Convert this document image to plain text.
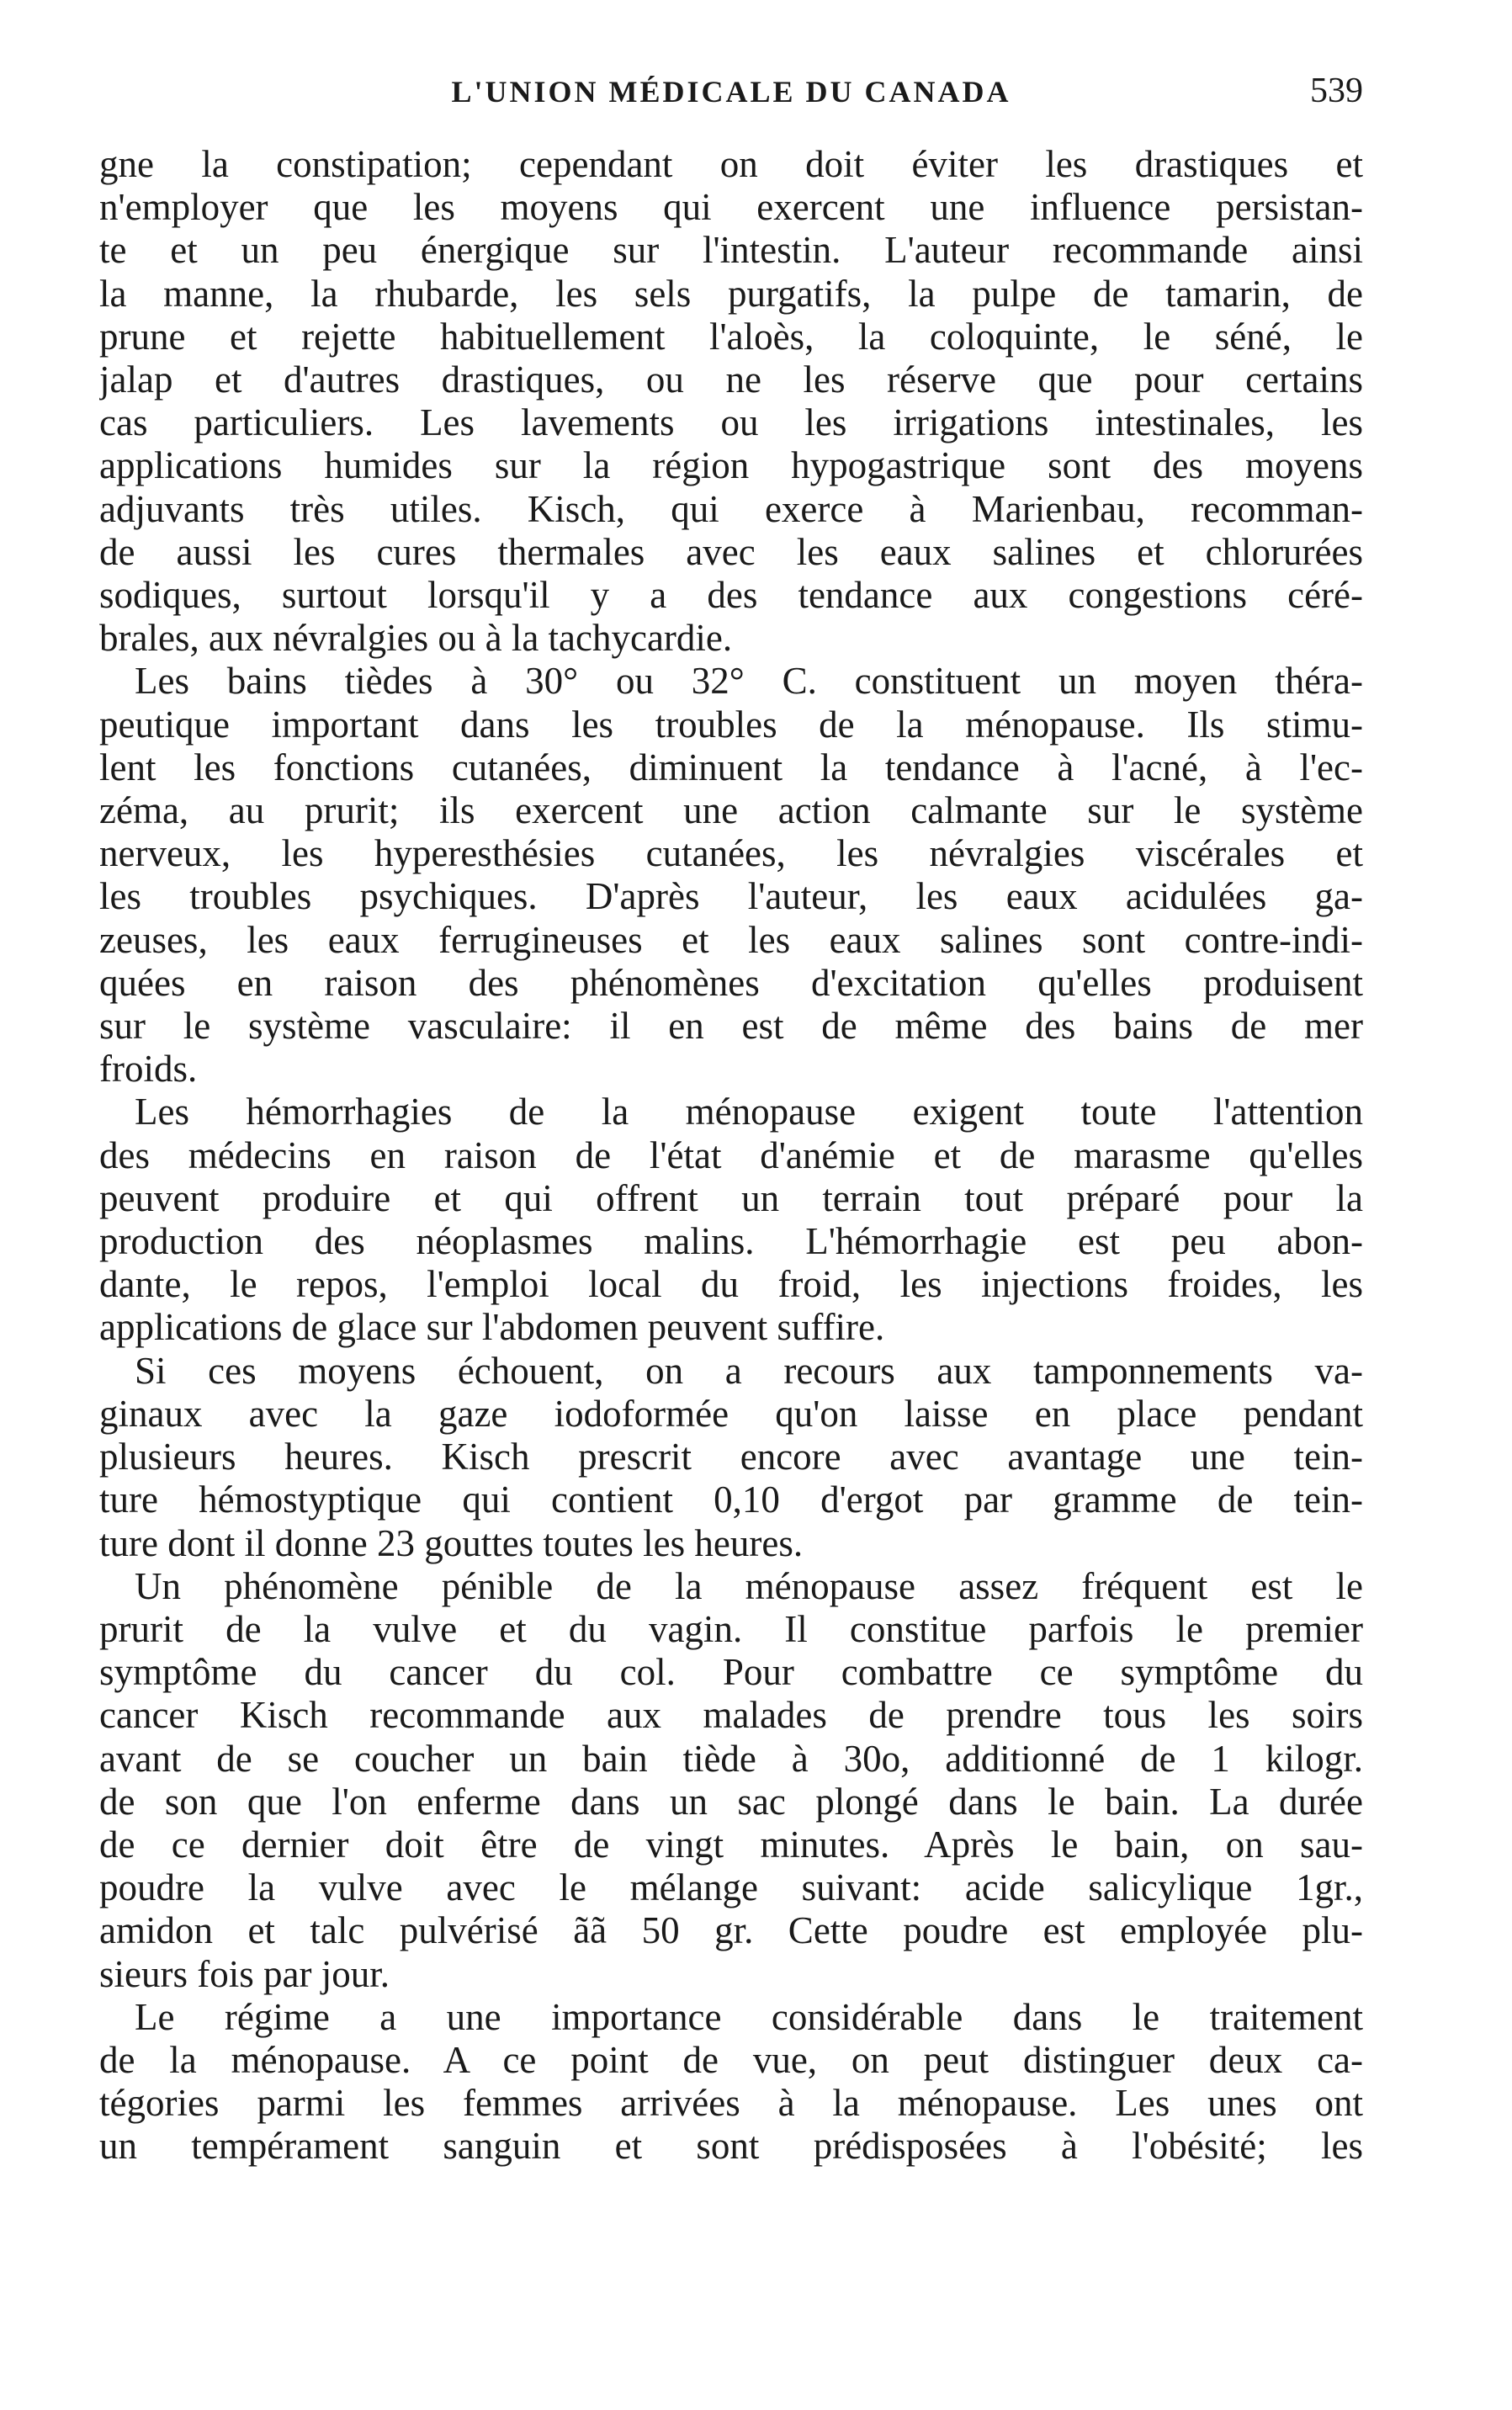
L'UNION MÉDICALE DU CANADA	539

gne la constipation; cependant on doit éviter les drastiques et
n'employer que les moyens qui exercent une influence persistan-
te et un peu énergique sur l'intestin. L'auteur recommande ainsi
la manne, la rhubarde, les sels purgatifs, la pulpe de tamarin, de
prune et rejette habituellement l'aloès, la coloquinte, le séné, le
jalap et d'autres drastiques, ou ne les réserve que pour certains
cas particuliers. Les lavements ou les irrigations intestinales, les
applications humides sur la région hypogastrique sont des moyens
adjuvants très utiles. Kisch, qui exerce à Marienbau, recomman-
de aussi les cures thermales avec les eaux salines et chlorurées
sodiques, surtout lorsqu'il y a des tendance aux congestions céré-
brales, aux névralgies ou à la tachycardie.

Les bains tièdes à 30° ou 32° C. constituent un moyen théra-
peutique important dans les troubles de la ménopause. Ils stimu-
lent les fonctions cutanées, diminuent la tendance à l'acné, à l'ec-
zéma, au prurit; ils exercent une action calmante sur le système
nerveux, les hyperesthésies cutanées, les névralgies viscérales et
les troubles psychiques. D'après l'auteur, les eaux acidulées ga-
zeuses, les eaux ferrugineuses et les eaux salines sont contre-indi-
quées en raison des phénomènes d'excitation qu'elles produisent
sur le système vasculaire: il en est de même des bains de mer
froids.

Les hémorrhagies de la ménopause exigent toute l'attention
des médecins en raison de l'état d'anémie et de marasme qu'elles
peuvent produire et qui offrent un terrain tout préparé pour la
production des néoplasmes malins. L'hémorrhagie est peu abon-
dante, le repos, l'emploi local du froid, les injections froides, les
applications de glace sur l'abdomen peuvent suffire.

Si ces moyens échouent, on a recours aux tamponnements va-
ginaux avec la gaze iodoformée qu'on laisse en place pendant
plusieurs heures. Kisch prescrit encore avec avantage une tein-
ture hémostyptique qui contient 0,10 d'ergot par gramme de tein-
ture dont il donne 23 gouttes toutes les heures.

Un phénomène pénible de la ménopause assez fréquent est le
prurit de la vulve et du vagin. Il constitue parfois le premier
symptôme du cancer du col. Pour combattre ce symptôme du
cancer Kisch recommande aux malades de prendre tous les soirs
avant de se coucher un bain tiède à 30o, additionné de 1 kilogr.
de son que l'on enferme dans un sac plongé dans le bain. La durée
de ce dernier doit être de vingt minutes. Après le bain, on sau-
poudre la vulve avec le mélange suivant: acide salicylique 1gr.,
amidon et talc pulvérisé ãã 50 gr. Cette poudre est employée plu-
sieurs fois par jour.

Le régime a une importance considérable dans le traitement
de la ménopause. A ce point de vue, on peut distinguer deux ca-
tégories parmi les femmes arrivées à la ménopause. Les unes ont
un tempérament sanguin et sont prédisposées à l'obésité; les
